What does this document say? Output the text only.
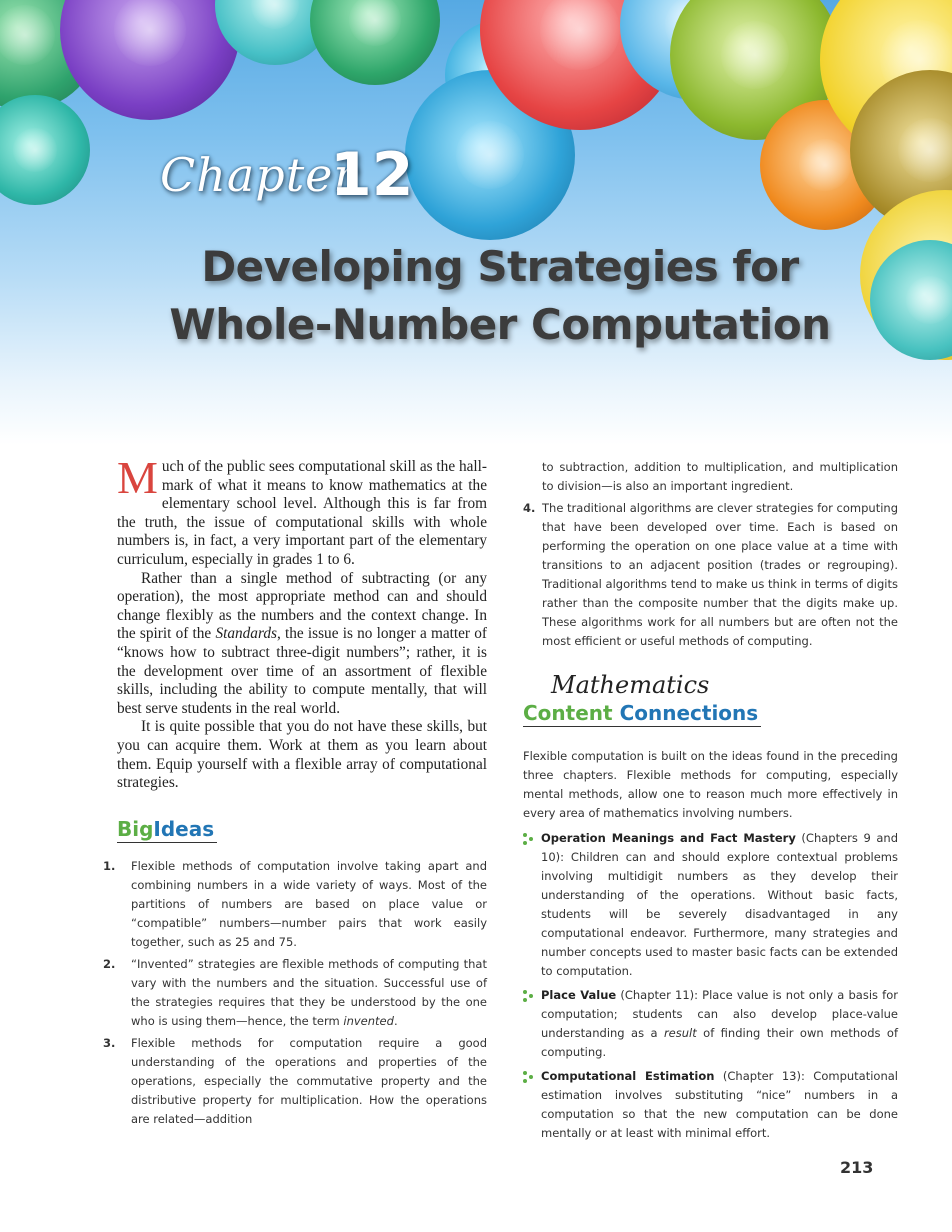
Chapter
12
Developing Strategies for
Whole-Number Computation

Much of the public sees computational skill as the hall-mark of what it means to know mathematics at the elementary school level. Although this is far from the truth, the issue of computational skills with whole numbers is, in fact, a very important part of the elementary curriculum, especially in grades 1 to 6.

Rather than a single method of subtracting (or any operation), the most appropriate method can and should change flexibly as the numbers and the context change. In the spirit of the Standards, the issue is no longer a matter of “knows how to subtract three-digit numbers”; rather, it is the development over time of an assortment of flexible skills, including the ability to compute mentally, that will best serve students in the real world.

It is quite possible that you do not have these skills, but you can acquire them. Work at them as you learn about them. Equip yourself with a flexible array of computational strategies.

BigIdeas
1. Flexible methods of computation involve taking apart and combining numbers in a wide variety of ways. Most of the partitions of numbers are based on place value or “compatible” numbers—number pairs that work easily together, such as 25 and 75.
2. “Invented” strategies are flexible methods of computing that vary with the numbers and the situation. Successful use of the strategies requires that they be understood by the one who is using them—hence, the term invented.
3. Flexible methods for computation require a good understanding of the operations and properties of the operations, especially the commutative property and the distributive property for multiplication. How the operations are related—addition

to subtraction, addition to multiplication, and multiplication to division—is also an important ingredient.

4. The traditional algorithms are clever strategies for computing that have been developed over time. Each is based on performing the operation on one place value at a time with transitions to an adjacent position (trades or regrouping). Traditional algorithms tend to make us think in terms of digits rather than the composite number that the digits make up. These algorithms work for all numbers but are often not the most efficient or useful methods of computing.
Mathematics
Content Connections

Flexible computation is built on the ideas found in the preceding three chapters. Flexible methods for computing, especially mental methods, allow one to reason much more effectively in every area of mathematics involving numbers.

Operation Meanings and Fact Mastery (Chapters 9 and 10): Children can and should explore contextual problems involving multidigit numbers as they develop their understanding of the operations. Without basic facts, students will be severely disadvantaged in any computational endeavor. Furthermore, many strategies and number concepts used to master basic facts can be extended to computation.
Place Value (Chapter 11): Place value is not only a basis for computation; students can also develop place-value understanding as a result of finding their own methods of computing.
Computational Estimation (Chapter 13): Computational estimation involves substituting “nice” numbers in a computation so that the new computation can be done mentally or at least with minimal effort.
213
